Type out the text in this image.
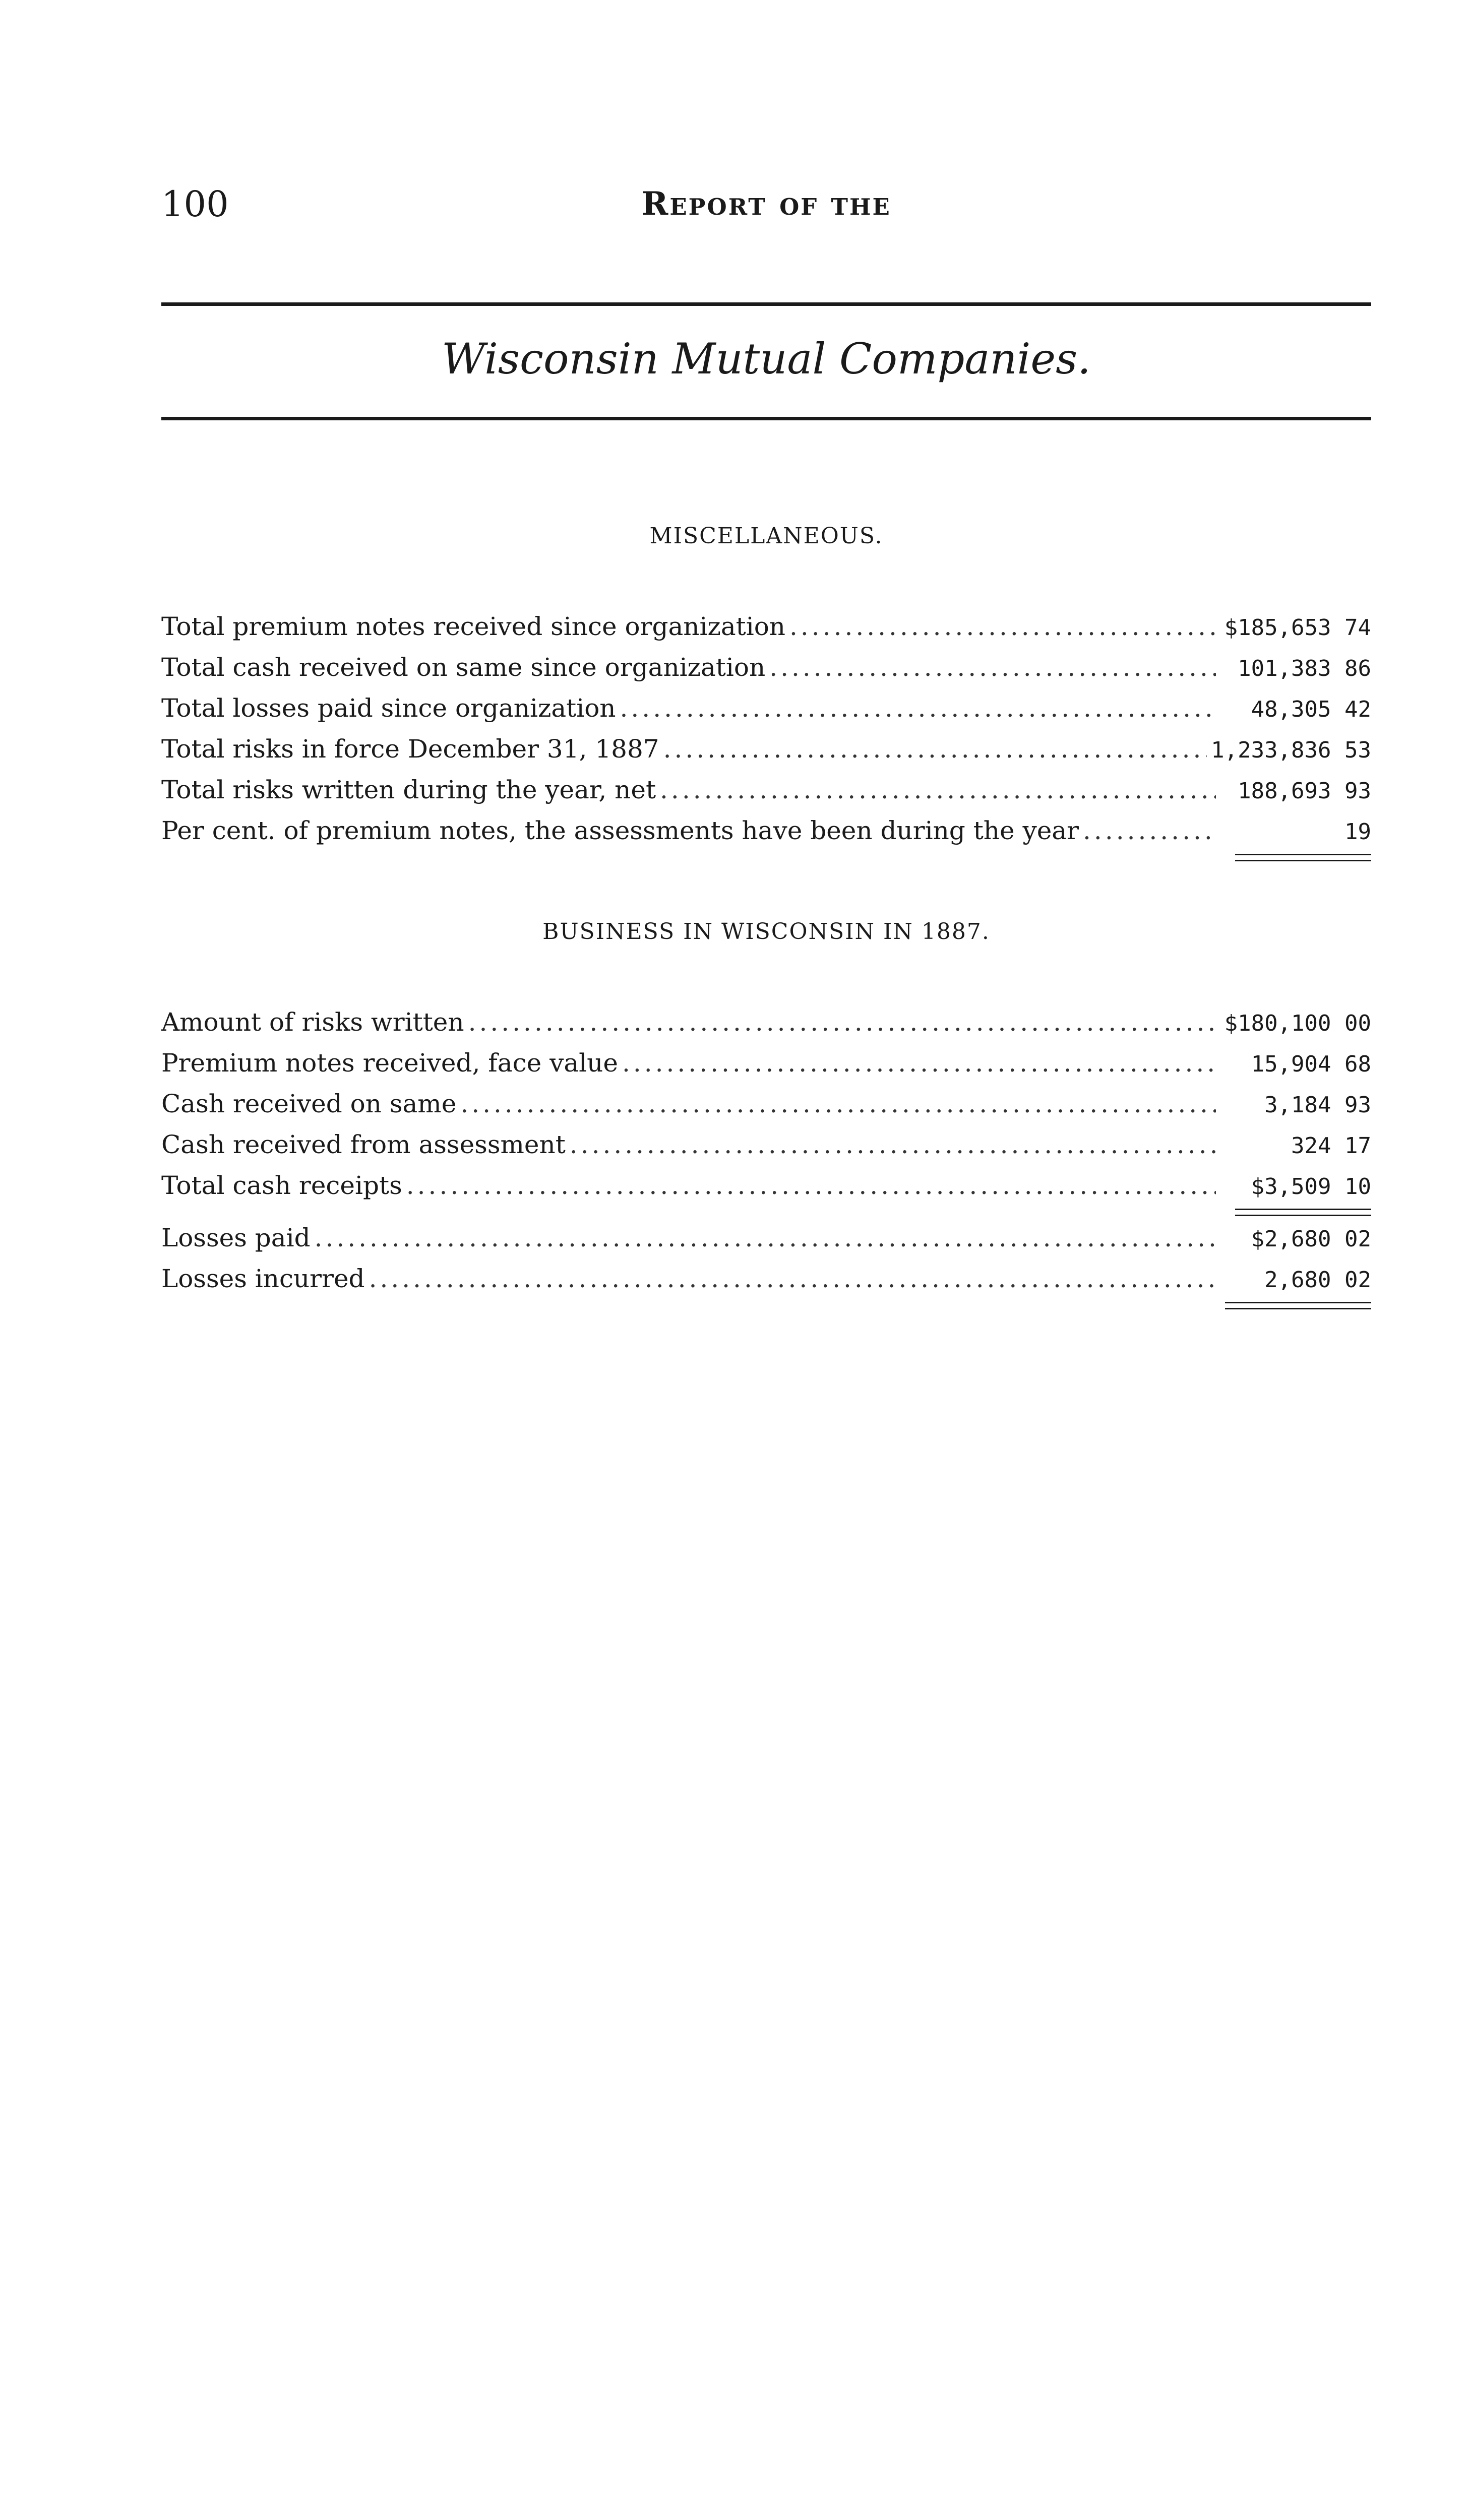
100	Report of the
Wisconsin Mutual Companies.
MISCELLANEOUS.
Total premium notes received since organization .....	$185,653 74
Total cash received on same since organization .....	101,383 86
Total losses paid since organization .....	48,305 42
Total risks in force December 31, 1887 .....	1,233,836 53
Total risks written during the year, net .....	188,693 93
Per cent. of premium notes, the assessments have been during the year .....	19
BUSINESS IN WISCONSIN IN 1887.
Amount of risks written .....	$180,100 00
Premium notes received, face value .....	15,904 68
Cash received on same .....	3,184 93
Cash received from assessment .....	324 17
Total cash receipts .....	$3,509 10
Losses paid .....	$2,680 02
Losses incurred .....	2,680 02
